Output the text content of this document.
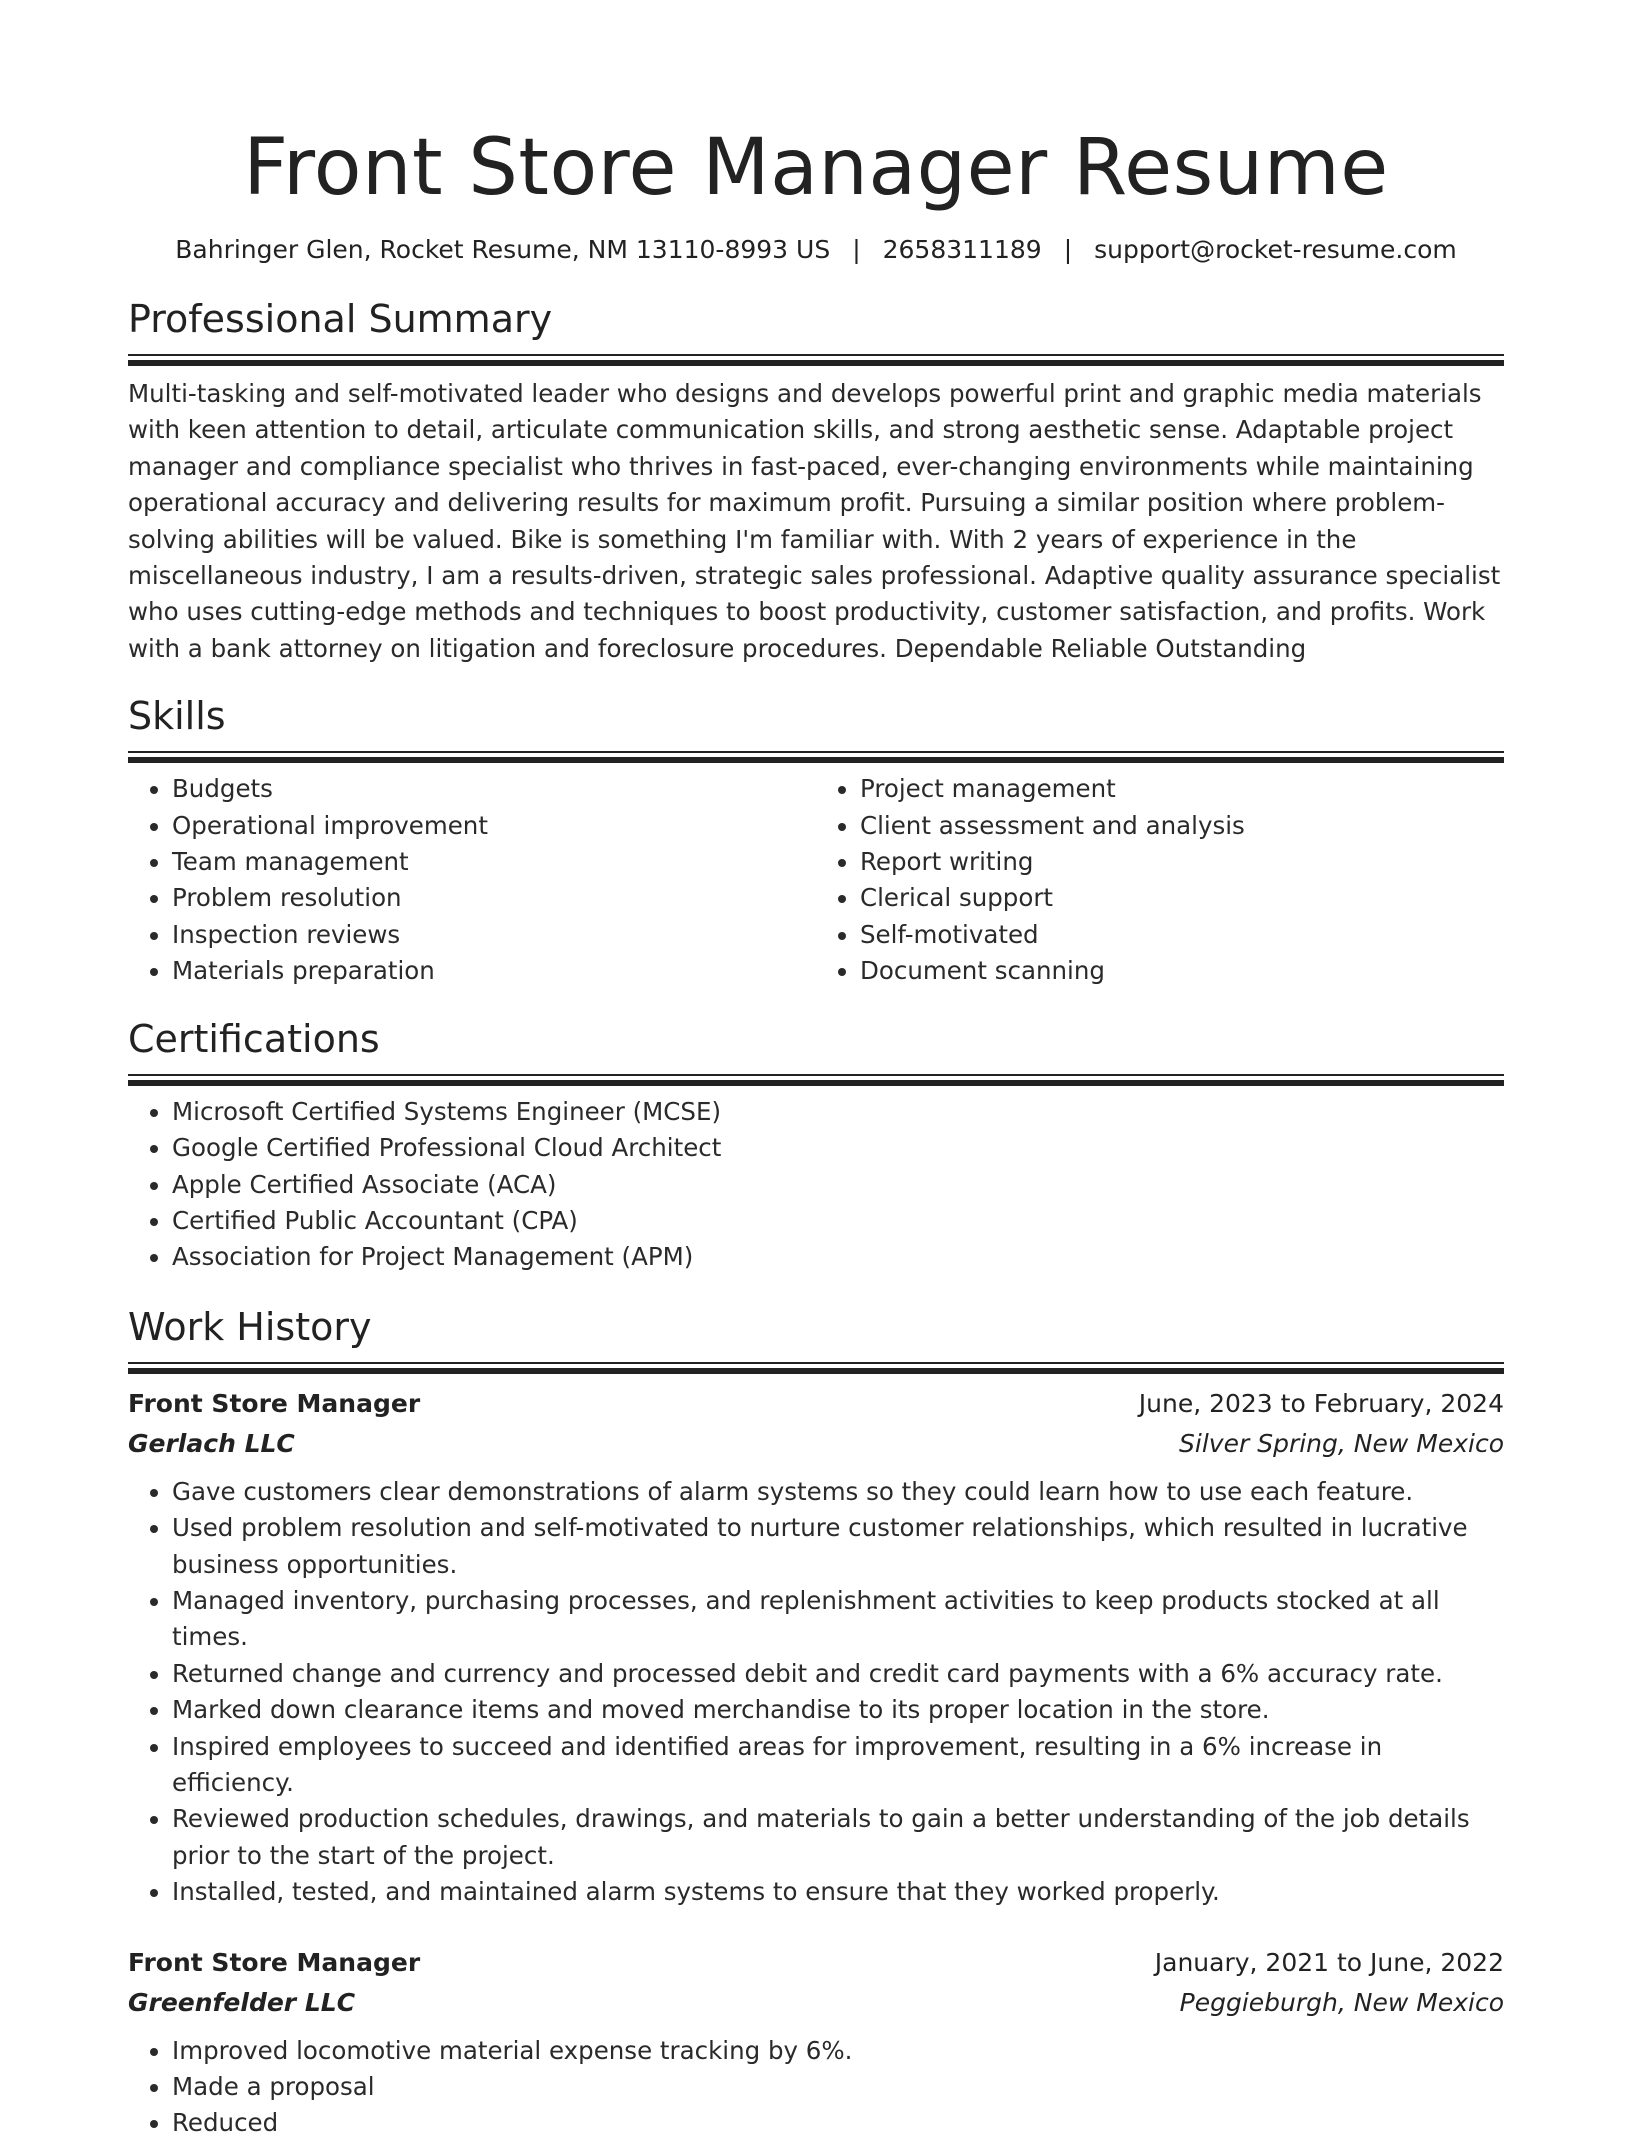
Front Store Manager Resume
Bahringer Glen, Rocket Resume, NM 13110-8993 US | 2658311189 | support@rocket-resume.com
Professional Summary

Multi-tasking and self-motivated leader who designs and develops powerful print and graphic media materials with keen attention to detail, articulate communication skills, and strong aesthetic sense. Adaptable project manager and compliance specialist who thrives in fast-paced, ever-changing environments while maintaining operational accuracy and delivering results for maximum profit. Pursuing a similar position where problem-solving abilities will be valued. Bike is something I'm familiar with. With 2 years of experience in the miscellaneous industry, I am a results-driven, strategic sales professional. Adaptive quality assurance specialist who uses cutting-edge methods and techniques to boost productivity, customer satisfaction, and profits. Work with a bank attorney on litigation and foreclosure procedures. Dependable Reliable Outstanding

Skills
• Budgets
• Operational improvement
• Team management
• Problem resolution
• Inspection reviews
• Materials preparation
• Project management
• Client assessment and analysis
• Report writing
• Clerical support
• Self-motivated
• Document scanning
Certifications
• Microsoft Certified Systems Engineer (MCSE)
• Google Certified Professional Cloud Architect
• Apple Certified Associate (ACA)
• Certified Public Accountant (CPA)
• Association for Project Management (APM)
Work History
Front Store Manager	June, 2023 to February, 2024
Gerlach LLC	Silver Spring, New Mexico
• Gave customers clear demonstrations of alarm systems so they could learn how to use each feature.
• Used problem resolution and self-motivated to nurture customer relationships, which resulted in lucrative business opportunities.
• Managed inventory, purchasing processes, and replenishment activities to keep products stocked at all times.
• Returned change and currency and processed debit and credit card payments with a 6% accuracy rate.
• Marked down clearance items and moved merchandise to its proper location in the store.
• Inspired employees to succeed and identified areas for improvement, resulting in a 6% increase in efficiency.
• Reviewed production schedules, drawings, and materials to gain a better understanding of the job details prior to the start of the project.
• Installed, tested, and maintained alarm systems to ensure that they worked properly.
Front Store Manager	January, 2021 to June, 2022
Greenfelder LLC	Peggieburgh, New Mexico
• Improved locomotive material expense tracking by 6%.
• Made a proposal
• Reduced
